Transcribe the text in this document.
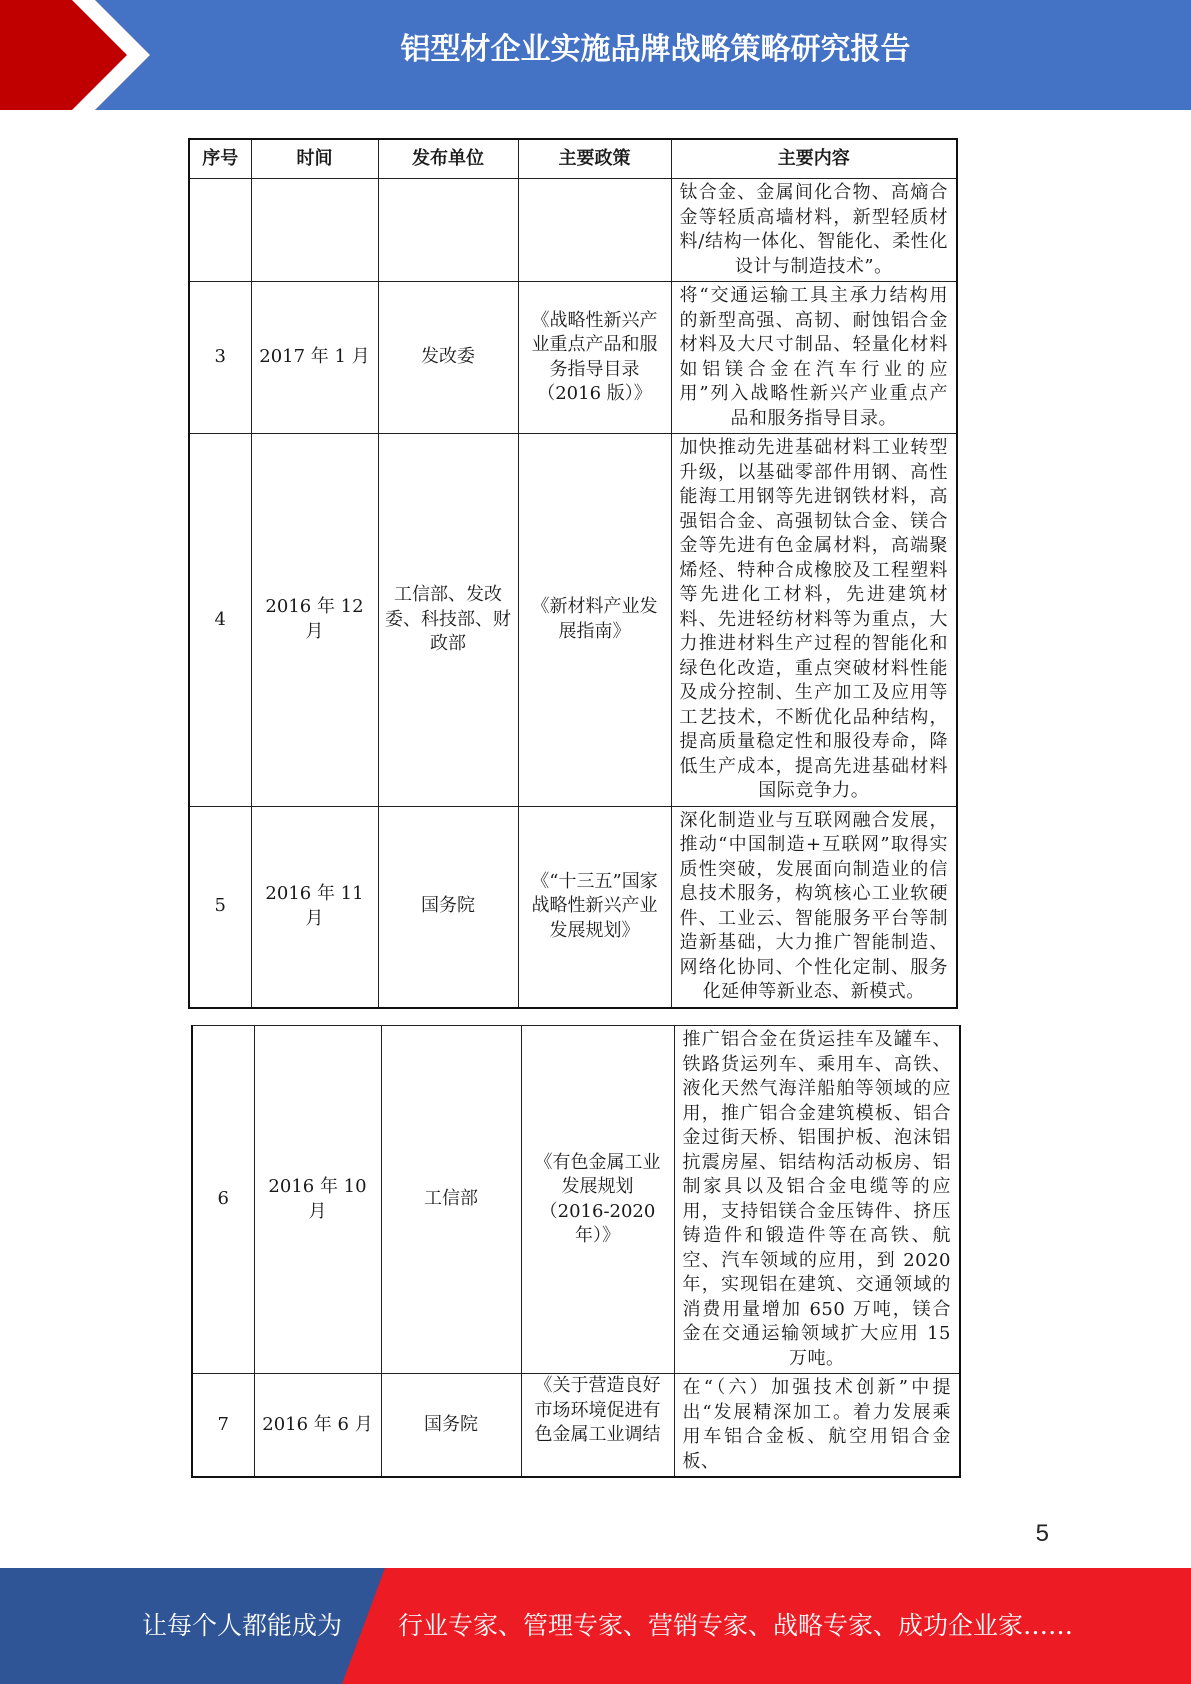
铝型材企业实施品牌战略策略研究报告
序号	时间	发布单位	主要政策	主要内容
				钛合金、金属间化合物、高熵合金等轻质高墙材料，新型轻质材料/结构一体化、智能化、柔性化设计与制造技术”。
3	2017 年 1 月	发改委	《战略性新兴产业重点产品和服务指导目录（2016 版）》	将“交通运输工具主承力结构用的新型高强、高韧、耐蚀铝合金材料及大尺寸制品、轻量化材料如铝镁合金在汽车行业的应用”列入战略性新兴产业重点产品和服务指导目录。
4	2016 年 12 月	工信部、发改委、科技部、财政部	《新材料产业发展指南》	加快推动先进基础材料工业转型升级，以基础零部件用钢、高性能海工用钢等先进钢铁材料，高强铝合金、高强韧钛合金、镁合金等先进有色金属材料，高端聚烯烃、特种合成橡胶及工程塑料等先进化工材料，先进建筑材料、先进轻纺材料等为重点，大力推进材料生产过程的智能化和绿色化改造，重点突破材料性能及成分控制、生产加工及应用等工艺技术，不断优化品种结构，提高质量稳定性和服役寿命，降低生产成本，提高先进基础材料国际竞争力。
5	2016 年 11 月	国务院	《“十三五”国家战略性新兴产业发展规划》	深化制造业与互联网融合发展，推动“中国制造+互联网”取得实质性突破，发展面向制造业的信息技术服务，构筑核心工业软硬件、工业云、智能服务平台等制造新基础，大力推广智能制造、网络化协同、个性化定制、服务化延伸等新业态、新模式。
6	2016 年 10 月	工信部	《有色金属工业发展规划（2016-2020 年）》	推广铝合金在货运挂车及罐车、铁路货运列车、乘用车、高铁、液化天然气海洋船舶等领域的应用，推广铝合金建筑模板、铝合金过街天桥、铝围护板、泡沫铝抗震房屋、铝结构活动板房、铝制家具以及铝合金电缆等的应用，支持铝镁合金压铸件、挤压铸造件和锻造件等在高铁、航空、汽车领域的应用，到 2020 年，实现铝在建筑、交通领域的消费用量增加 650 万吨，镁合金在交通运输领域扩大应用 15 万吨。
7	2016 年 6 月	国务院	《关于营造良好市场环境促进有色金属工业调结	在“（六）加强技术创新”中提出“发展精深加工。着力发展乘用车铝合金板、航空用铝合金板、
5
让每个人都能成为 行业专家、管理专家、营销专家、战略专家、成功企业家……
